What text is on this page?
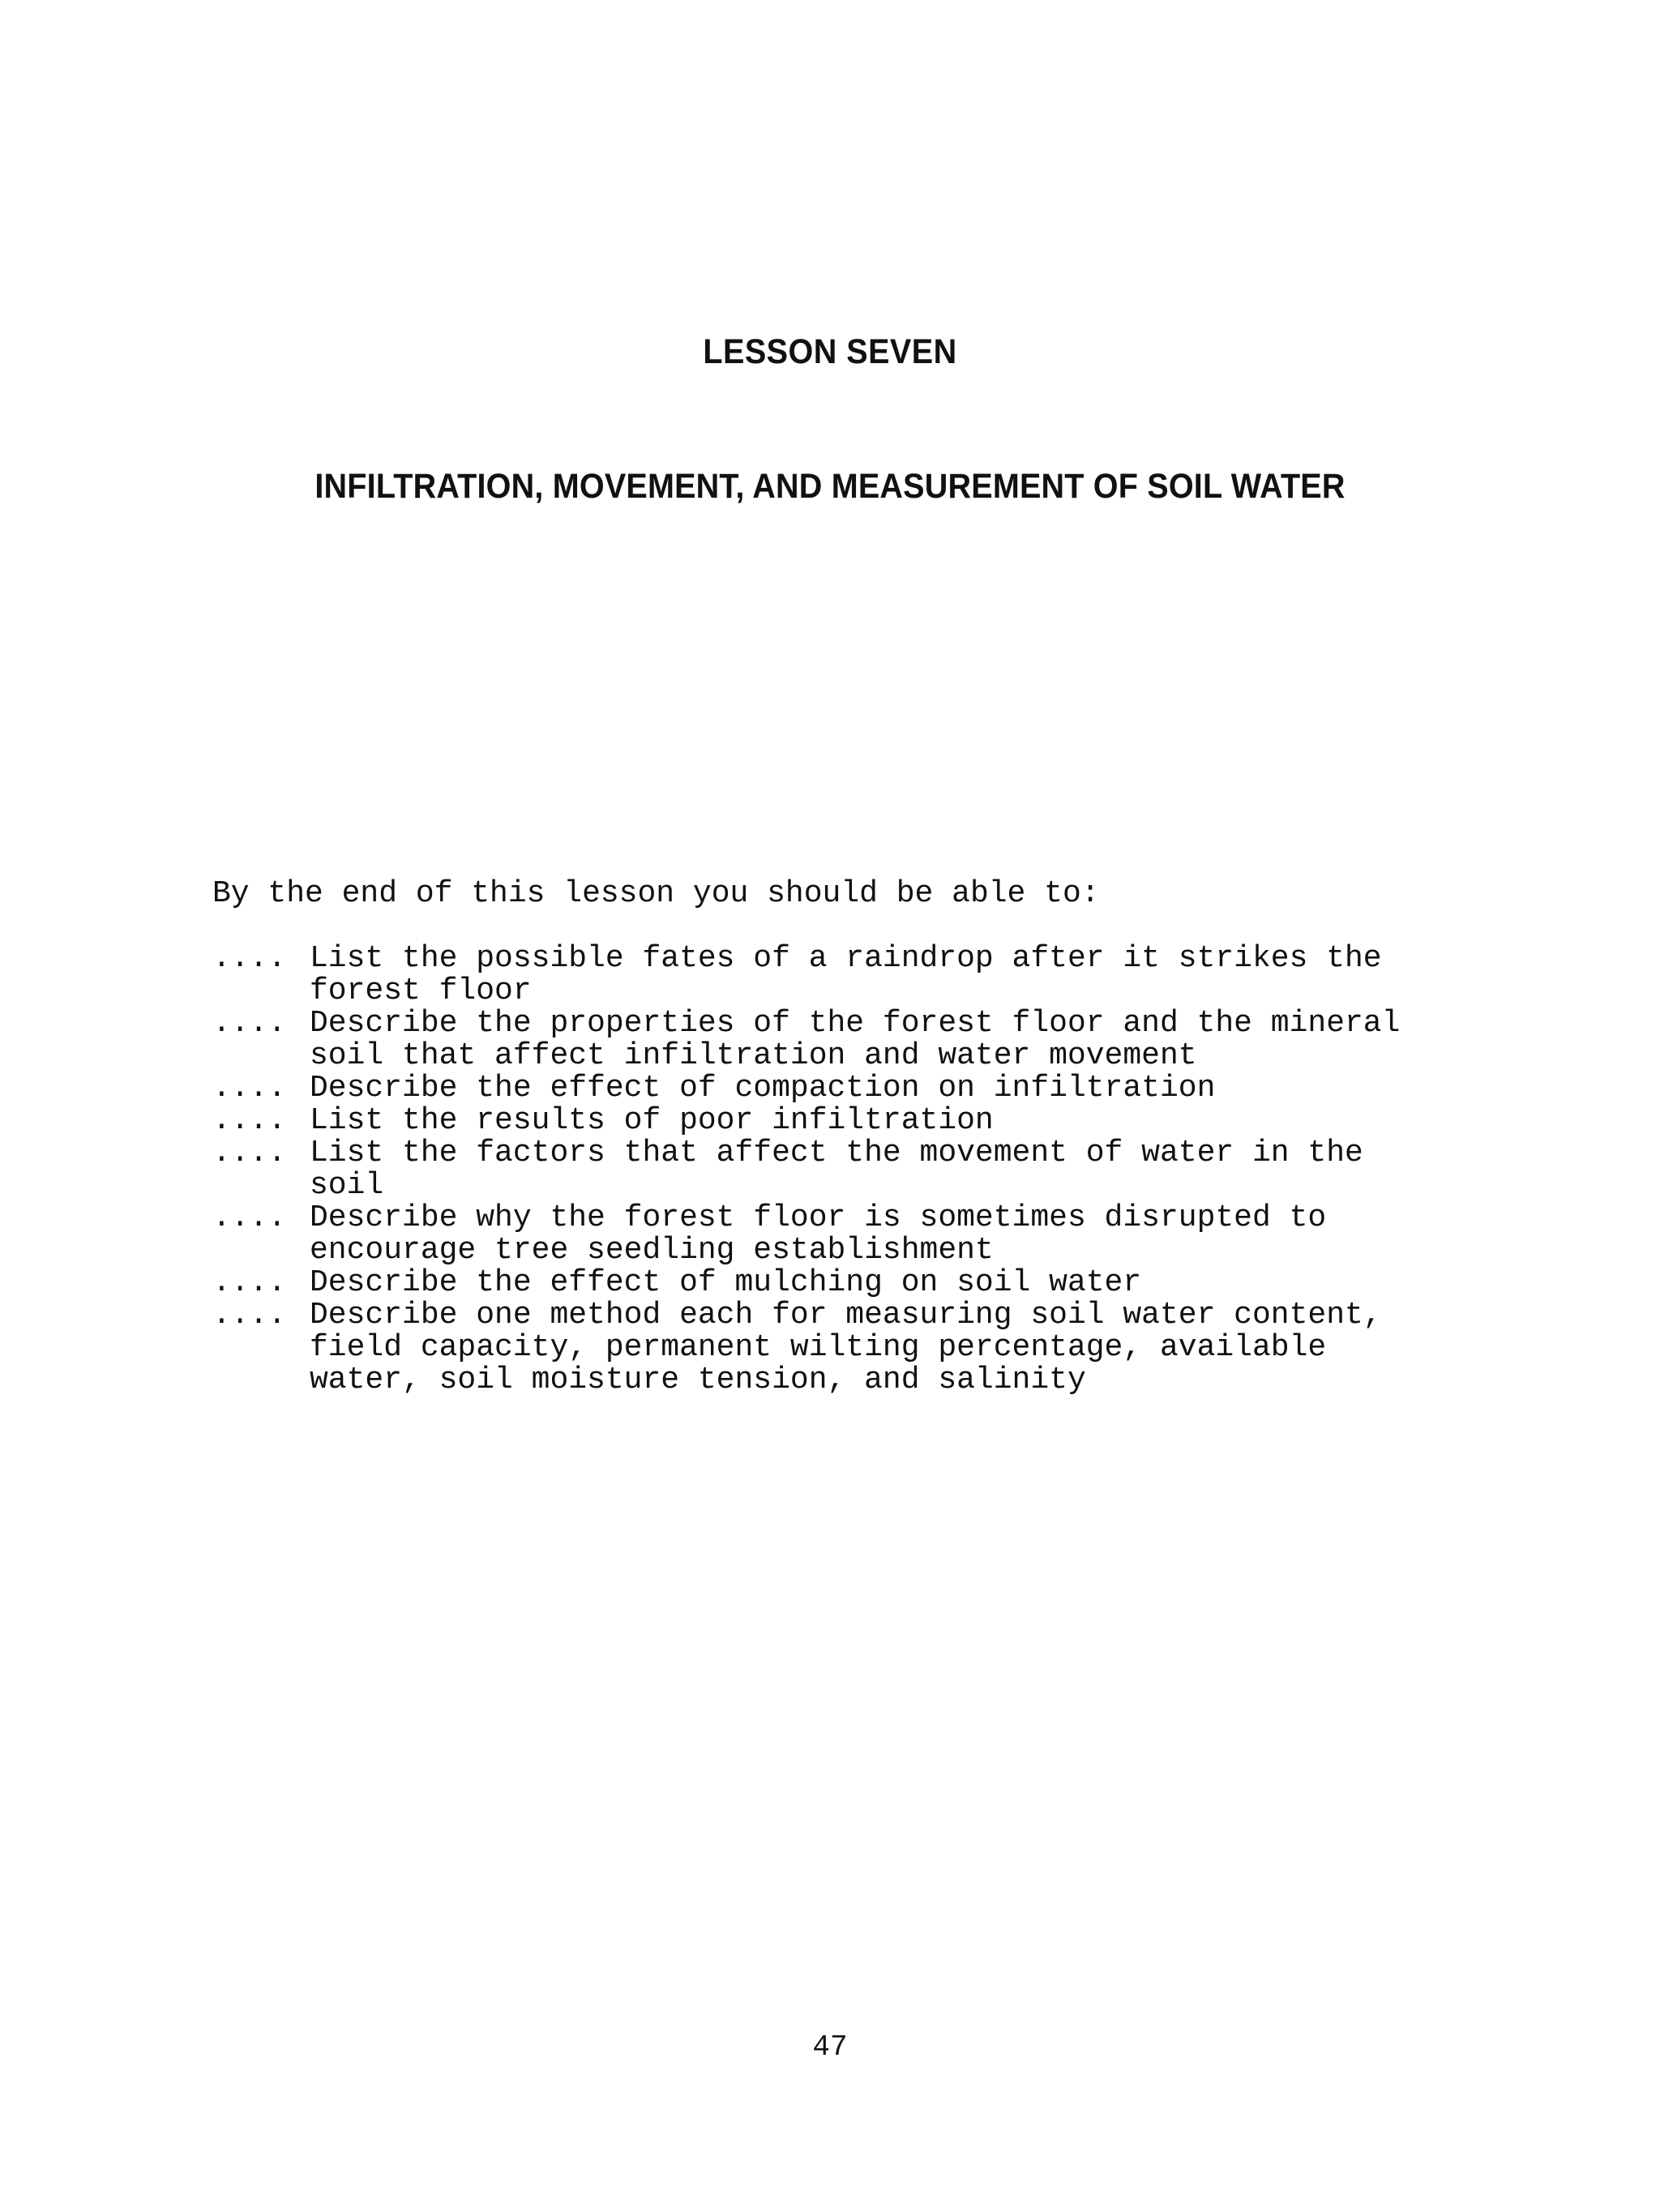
LESSON SEVEN
INFILTRATION, MOVEMENT, AND MEASUREMENT OF SOIL WATER
By the end of this lesson you should be able to:
.... List the possible fates of a raindrop after it strikes the
forest floor
.... Describe the properties of the forest floor and the mineral
soil that affect infiltration and water movement
.... Describe the effect of compaction on infiltration
.... List the results of poor infiltration
.... List the factors that affect the movement of water in the
soil
.... Describe why the forest floor is sometimes disrupted to
encourage tree seedling establishment
.... Describe the effect of mulching on soil water
.... Describe one method each for measuring soil water content,
field capacity, permanent wilting percentage, available
water, soil moisture tension, and salinity
47
